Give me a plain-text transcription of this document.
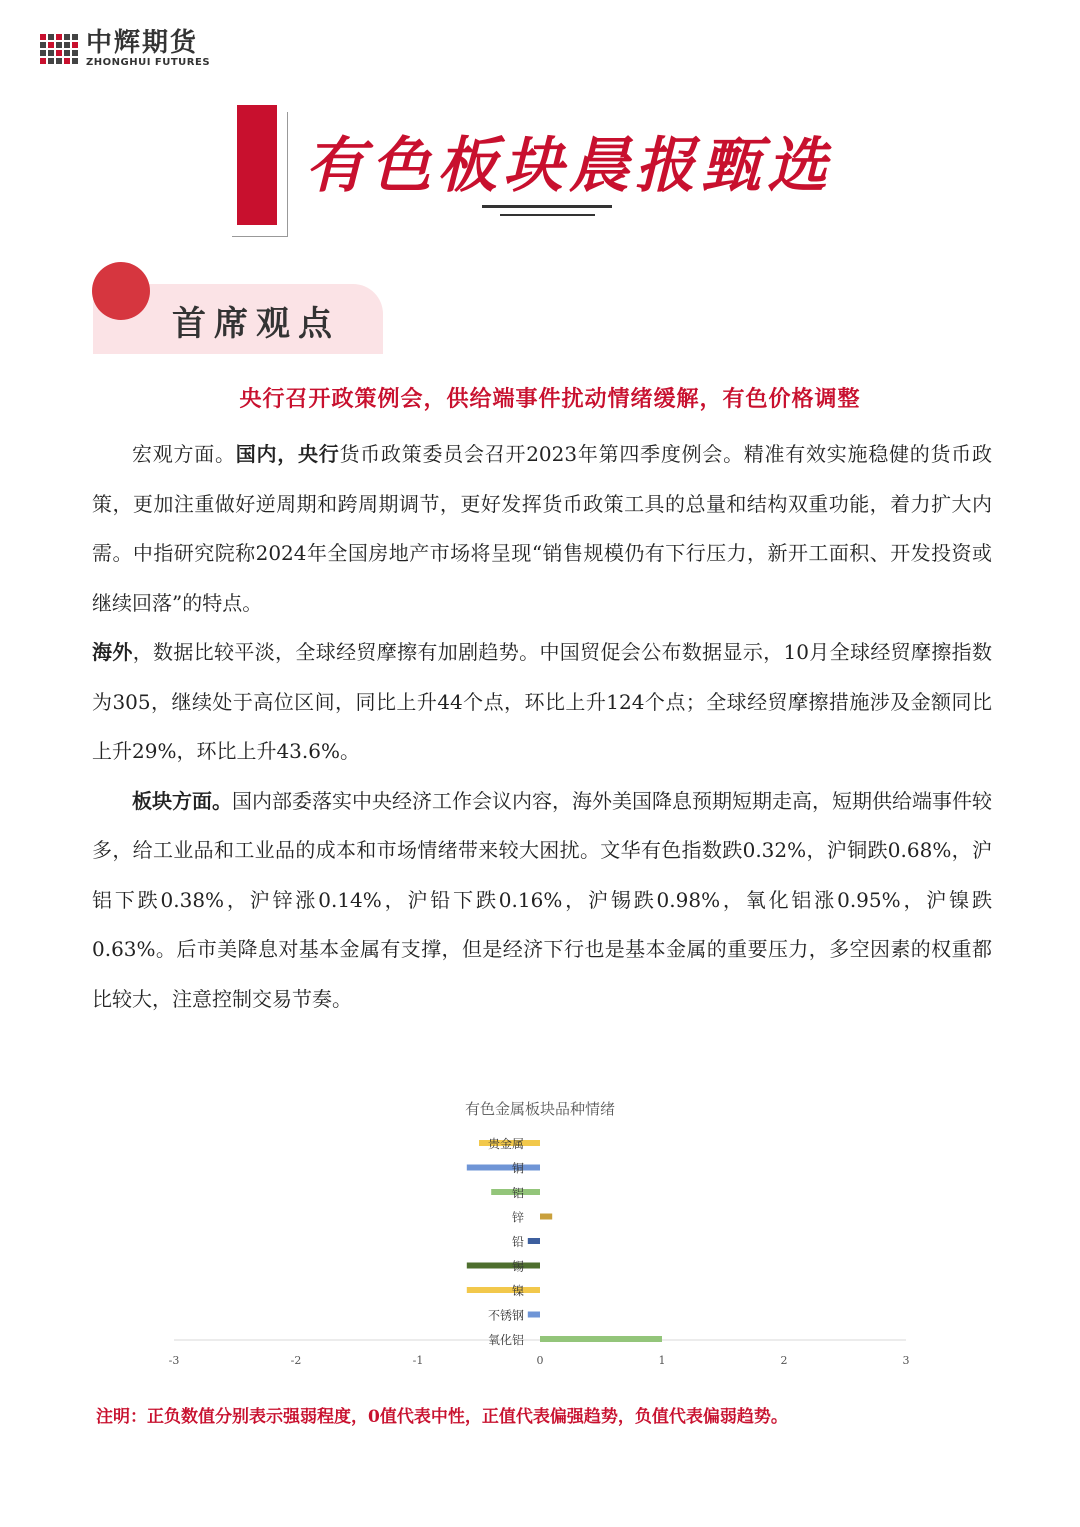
中辉期货
ZHONGHUI FUTURES
有色板块晨报甄选
首席观点
央行召开政策例会，供给端事件扰动情绪缓解，有色价格调整

宏观方面。国内，央行货币政策委员会召开2023年第四季度例会。精准有效实施稳健的货币政策，更加注重做好逆周期和跨周期调节，更好发挥货币政策工具的总量和结构双重功能，着力扩大内需。中指研究院称2024年全国房地产市场将呈现“销售规模仍有下行压力，新开工面积、开发投资或继续回落”的特点。
海外，数据比较平淡，全球经贸摩擦有加剧趋势。中国贸促会公布数据显示，10月全球经贸摩擦指数为305，继续处于高位区间，同比上升44个点，环比上升124个点；全球经贸摩擦措施涉及金额同比上升29%，环比上升43.6%。

板块方面。国内部委落实中央经济工作会议内容，海外美国降息预期短期走高，短期供给端事件较多，给工业品和工业品的成本和市场情绪带来较大困扰。文华有色指数跌0.32%，沪铜跌0.68%，沪铝下跌0.38%，沪锌涨0.14%，沪铅下跌0.16%，沪锡跌0.98%，氧化铝涨0.95%，沪镍跌0.63%。后市美降息对基本金属有支撑，但是经济下行也是基本金属的重要压力，多空因素的权重都比较大，注意控制交易节奏。

有色金属板块品种情绪
-3	-2	-1	0	1	2	3
贵金属
铜
铝
锌
铅
锡
镍
不锈钢
氧化铝
注明：正负数值分别表示强弱程度，0值代表中性，正值代表偏强趋势，负值代表偏弱趋势。
